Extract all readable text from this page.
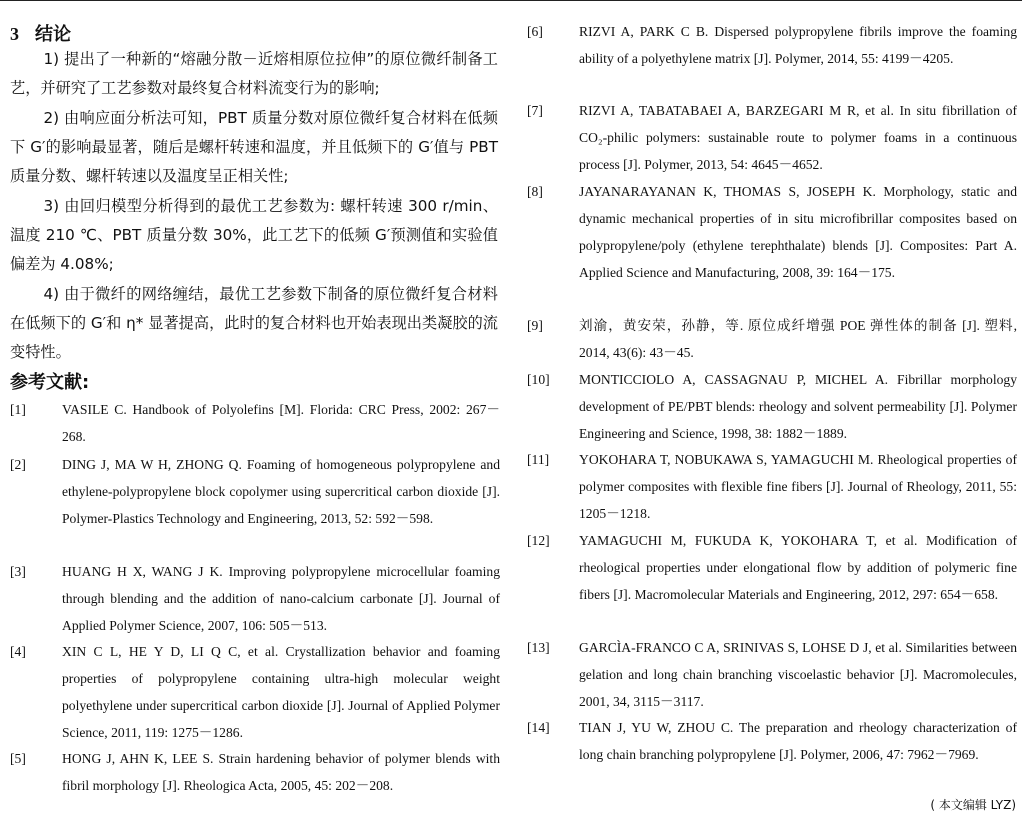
3 结论
1) 提出了一种新的“熔融分散－近熔相原位拉伸”的原位微纤制备工艺，并研究了工艺参数对最终复合材料流变行为的影响;
2) 由响应面分析法可知，PBT 质量分数对原位微纤复合材料在低频下 G′的影响最显著，随后是螺杆转速和温度，并且低频下的 G′值与 PBT 质量分数、螺杆转速以及温度呈正相关性;
3) 由回归模型分析得到的最优工艺参数为: 螺杆转速 300 r/min、温度 210 ℃、PBT 质量分数 30%，此工艺下的低频 G′预测值和实验值偏差为 4.08%;
4) 由于微纤的网络缠结，最优工艺参数下制备的原位微纤复合材料在低频下的 G′和 η* 显著提高，此时的复合材料也开始表现出类凝胶的流变特性。
参考文献:
[1]	VASILE C. Handbook of Polyolefins [M]. Florida: CRC Press, 2002: 267－268.
[2]	DING J, MA W H, ZHONG Q. Foaming of homogeneous polypropylene and ethylene-polypropylene block copolymer using supercritical carbon dioxide [J]. Polymer-Plastics Technology and Engineering, 2013, 52: 592－598.
[3]	HUANG H X, WANG J K. Improving polypropylene microcellular foaming through blending and the addition of nano-calcium carbonate [J]. Journal of Applied Polymer Science, 2007, 106: 505－513.
[4]	XIN C L, HE Y D, LI Q C, et al. Crystallization behavior and foaming properties of polypropylene containing ultra-high molecular weight polyethylene under supercritical carbon dioxide [J]. Journal of Applied Polymer Science, 2011, 119: 1275－1286.
[5]	HONG J, AHN K, LEE S. Strain hardening behavior of polymer blends with fibril morphology [J]. Rheologica Acta, 2005, 45: 202－208.
[6]	RIZVI A, PARK C B. Dispersed polypropylene fibrils improve the foaming ability of a polyethylene matrix [J]. Polymer, 2014, 55: 4199－4205.
[7]	RIZVI A, TABATABAEI A, BARZEGARI M R, et al. In situ fibrillation of CO₂-philic polymers: sustainable route to polymer foams in a continuous process [J]. Polymer, 2013, 54: 4645－4652.
[8]	JAYANARAYANAN K, THOMAS S, JOSEPH K. Morphology, static and dynamic mechanical properties of in situ microfibrillar composites based on polypropylene/poly (ethylene terephthalate) blends [J]. Composites: Part A. Applied Science and Manufacturing, 2008, 39: 164－175.
[9]	刘渝，黄安荣，孙静，等. 原位成纤增强 POE 弹性体的制备 [J]. 塑料, 2014, 43(6): 43－45.
[10] MONTICCIOLO A, CASSAGNAU P, MICHEL A. Fibrillar morphology development of PE/PBT blends: rheology and solvent permeability [J]. Polymer Engineering and Science, 1998, 38: 1882－1889.
[11] YOKOHARA T, NOBUKAWA S, YAMAGUCHI M. Rheological properties of polymer composites with flexible fine fibers [J]. Journal of Rheology, 2011, 55: 1205－1218.
[12] YAMAGUCHI M, FUKUDA K, YOKOHARA T, et al. Modification of rheological properties under elongational flow by addition of polymeric fine fibers [J]. Macromolecular Materials and Engineering, 2012, 297: 654－658.
[13] GARCÌA-FRANCO C A, SRINIVAS S, LOHSE D J, et al. Similarities between gelation and long chain branching viscoelastic behavior [J]. Macromolecules, 2001, 34, 3115－3117.
[14] TIAN J, YU W, ZHOU C. The preparation and rheology characterization of long chain branching polypropylene [J]. Polymer, 2006, 47: 7962－7969.
( 本文编辑 LYZ)
